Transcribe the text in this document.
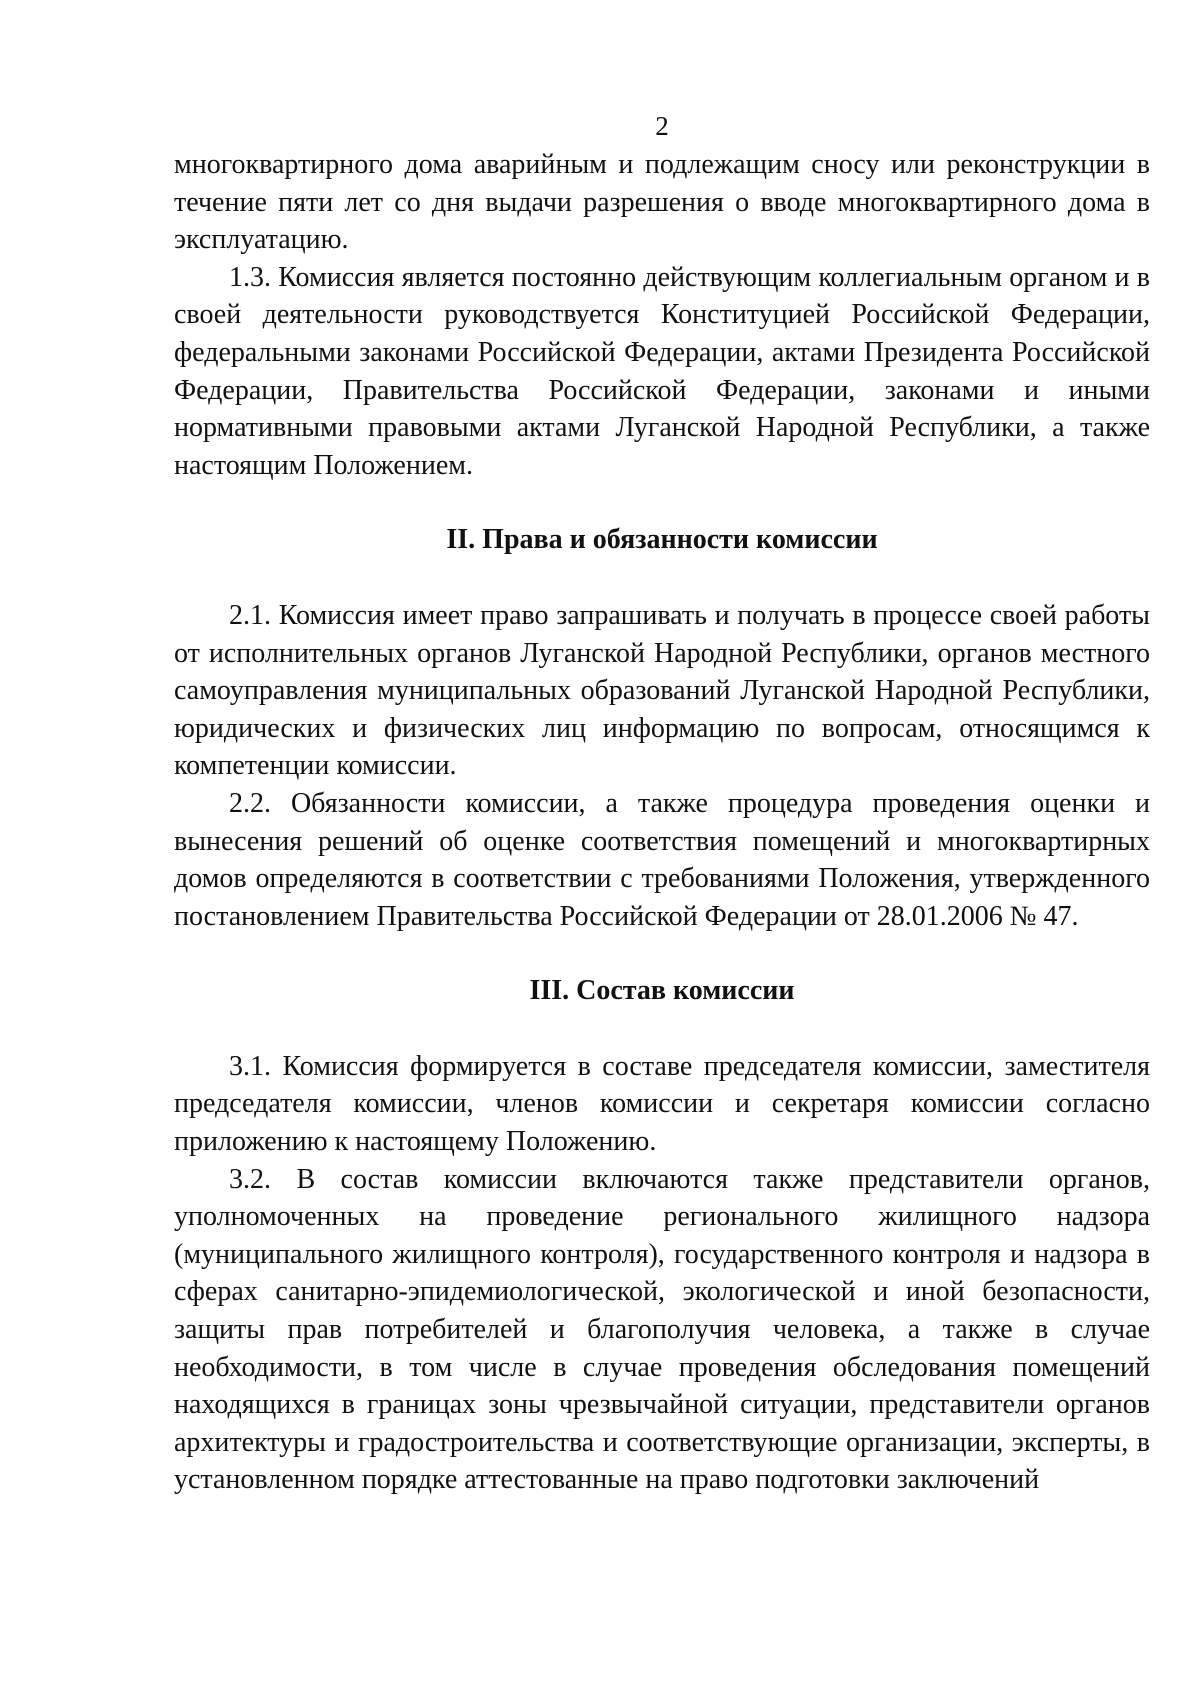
2

многоквартирного дома аварийным и подлежащим сносу или реконструкции в течение пяти лет со дня выдачи разрешения о вводе многоквартирного дома в эксплуатацию.

1.3. Комиссия является постоянно действующим коллегиальным органом и в своей деятельности руководствуется Конституцией Российской Федерации, федеральными законами Российской Федерации, актами Президента Российской Федерации, Правительства Российской Федерации, законами и иными нормативными правовыми актами Луганской Народной Республики, а также настоящим Положением.

II. Права и обязанности комиссии

2.1. Комиссия имеет право запрашивать и получать в процессе своей работы от исполнительных органов Луганской Народной Республики, органов местного самоуправления муниципальных образований Луганской Народной Республики, юридических и физических лиц информацию по вопросам, относящимся к компетенции комиссии.

2.2. Обязанности комиссии, а также процедура проведения оценки и вынесения решений об оценке соответствия помещений и многоквартирных домов определяются в соответствии с требованиями Положения, утвержденного постановлением Правительства Российской Федерации от 28.01.2006 № 47.

III. Состав комиссии

3.1. Комиссия формируется в составе председателя комиссии, заместителя председателя комиссии, членов комиссии и секретаря комиссии согласно приложению к настоящему Положению.

3.2. В состав комиссии включаются также представители органов, уполномоченных на проведение регионального жилищного надзора (муниципального жилищного контроля), государственного контроля и надзора в сферах санитарно-эпидемиологической, экологической и иной безопасности, защиты прав потребителей и благополучия человека, а также в случае необходимости, в том числе в случае проведения обследования помещений находящихся в границах зоны чрезвычайной ситуации, представители органов архитектуры и градостроительства и соответствующие организации, эксперты, в установленном порядке аттестованные на право подготовки заключений
